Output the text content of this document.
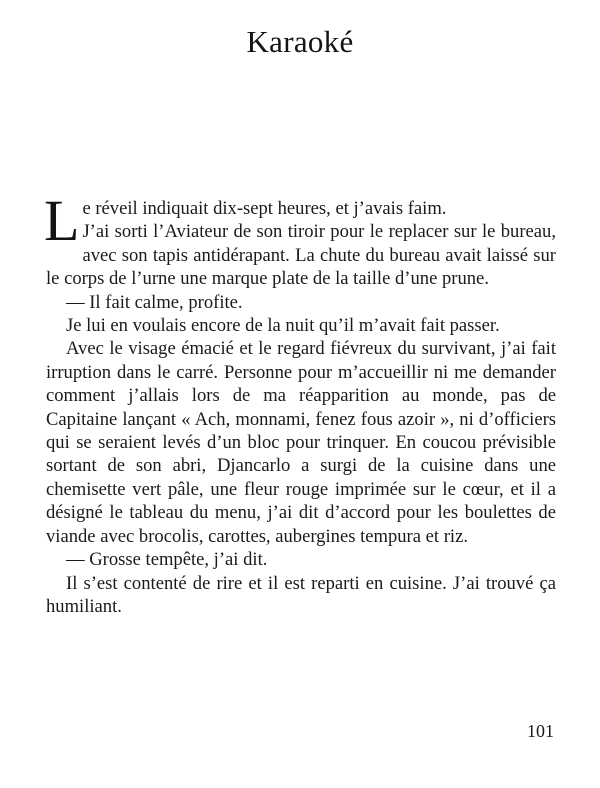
Karaoké

Le réveil indiquait dix-sept heures, et j’avais faim.

J’ai sorti l’Aviateur de son tiroir pour le replacer sur le bureau, avec son tapis antidérapant. La chute du bureau avait laissé sur le corps de l’urne une marque plate de la taille d’une prune.

— Il fait calme, profite.

Je lui en voulais encore de la nuit qu’il m’avait fait passer.

Avec le visage émacié et le regard fiévreux du survivant, j’ai fait irruption dans le carré. Personne pour m’accueillir ni me demander comment j’allais lors de ma réapparition au monde, pas de Capitaine lançant « Ach, monnami, fenez fous azoir », ni d’officiers qui se seraient levés d’un bloc pour trinquer. En coucou prévisible sortant de son abri, Djancarlo a surgi de la cuisine dans une chemisette vert pâle, une fleur rouge imprimée sur le cœur, et il a désigné le tableau du menu, j’ai dit d’accord pour les boulettes de viande avec brocolis, carottes, aubergines tempura et riz.

— Grosse tempête, j’ai dit.

Il s’est contenté de rire et il est reparti en cuisine. J’ai trouvé ça humiliant.

101
